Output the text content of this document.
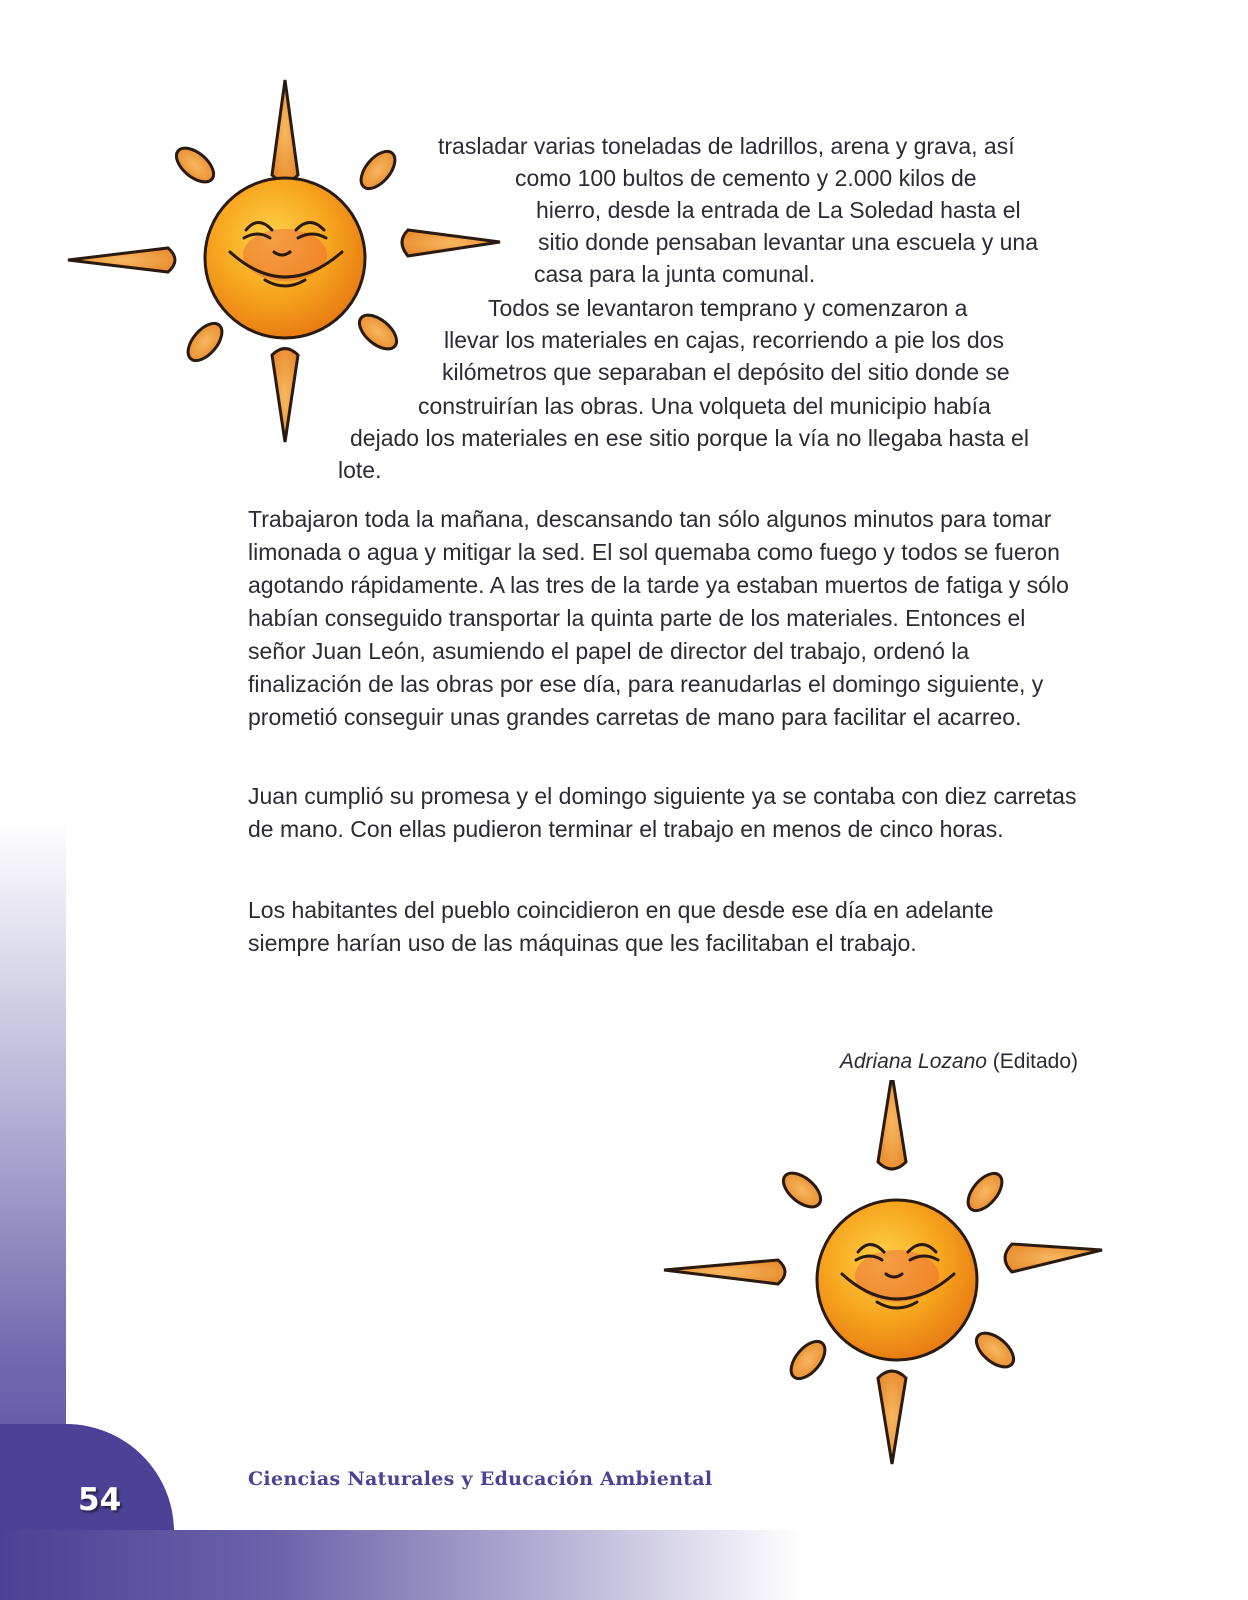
trasladar varias toneladas de ladrillos, arena y grava, así

como 100 bultos de cemento y 2.000 kilos de

hierro, desde la entrada de La Soledad hasta el

sitio donde pensaban levantar una escuela y una

casa para la junta comunal.

Todos se levantaron temprano y comenzaron a

llevar los materiales en cajas, recorriendo a pie los dos

kilómetros que separaban el depósito del sitio donde se

construirían las obras. Una volqueta del municipio había

dejado los materiales en ese sitio porque la vía no llegaba hasta el

lote.

Trabajaron toda la mañana, descansando tan sólo algunos minutos para tomar limonada o agua y mitigar la sed. El sol quemaba como fuego y todos se fueron agotando rápidamente. A las tres de la tarde ya estaban muertos de fatiga y sólo habían conseguido transportar la quinta parte de los materiales. Entonces el señor Juan León, asumiendo el papel de director del trabajo, ordenó la finalización de las obras por ese día, para reanudarlas el domingo siguiente, y prometió conseguir unas grandes carretas de mano para facilitar el acarreo.

Juan cumplió su promesa y el domingo siguiente ya se contaba con diez carretas de mano. Con ellas pudieron terminar el trabajo en menos de cinco horas.

Los habitantes del pueblo coincidieron en que desde ese día en adelante siempre harían uso de las máquinas que les facilitaban el trabajo.

Adriana Lozano (Editado)

54

Ciencias Naturales y Educación Ambiental
